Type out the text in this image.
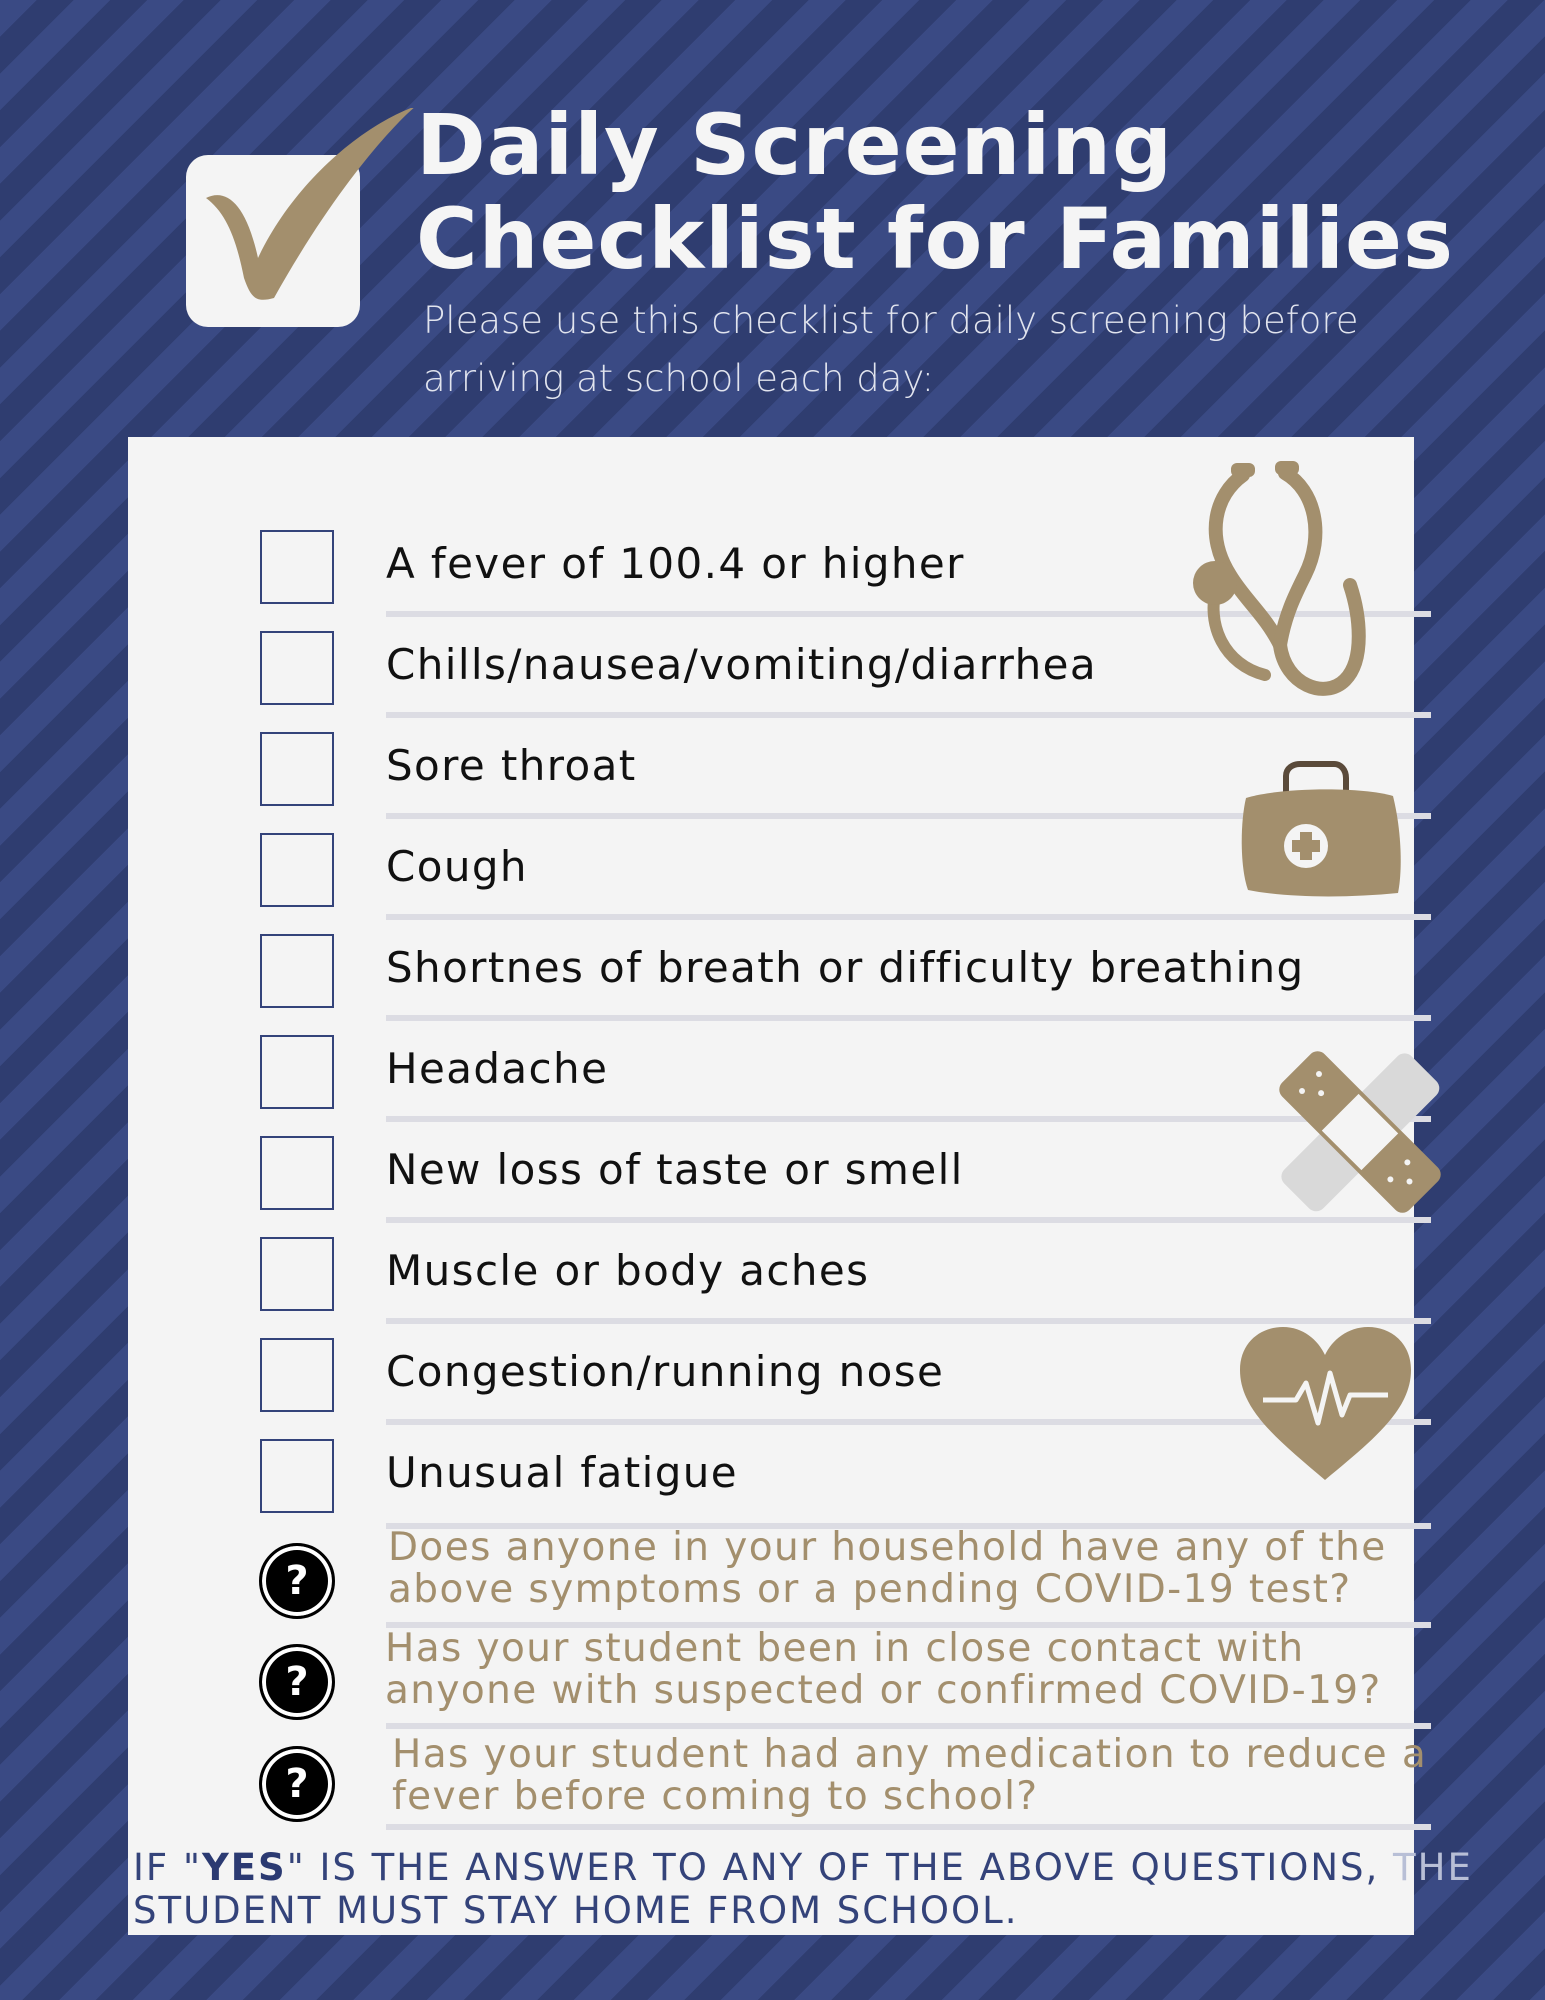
Daily Screening
Checklist for Families
Please use this checklist for daily screening before
arriving at school each day:
A fever of 100.4 or higher
Chills/nausea/vomiting/diarrhea
Sore throat
Cough
Shortnes of breath or difficulty breathing
Headache
New loss of taste or smell
Muscle or body aches
Congestion/running nose
Unusual fatigue
?
Does anyone in your household have any of the
above symptoms or a pending COVID-19 test?
?
Has your student been in close contact with
anyone with suspected or confirmed COVID-19?
?
Has your student had any medication to reduce a
fever before coming to school?
IF "YES" IS THE ANSWER TO ANY OF THE ABOVE QUESTIONS, THE
STUDENT MUST STAY HOME FROM SCHOOL.
